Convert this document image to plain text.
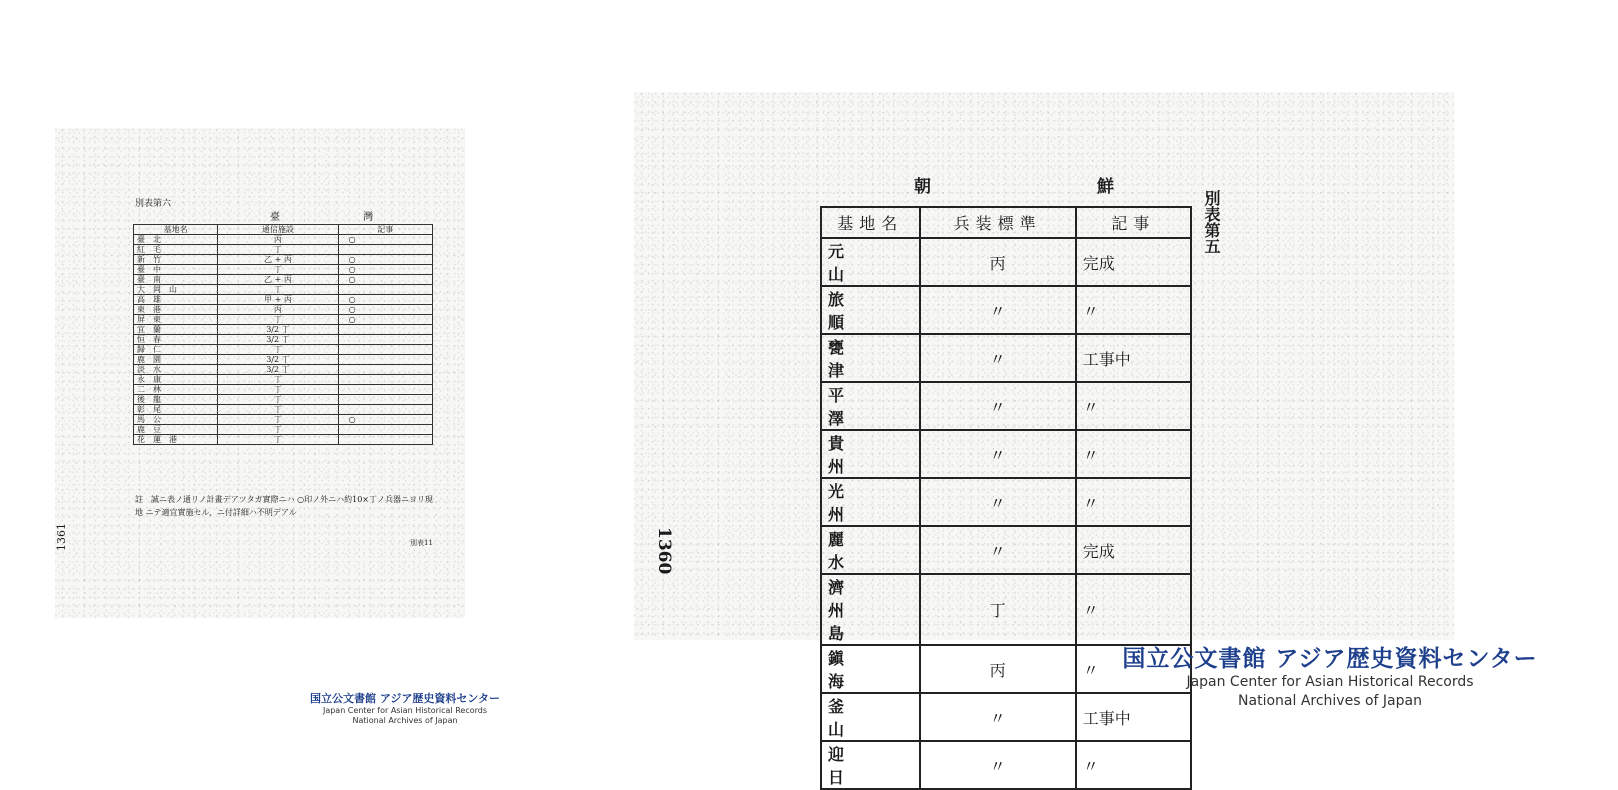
別表第六
臺 灣
基地名	通信施設	記事
臺北	丙	○
紅毛	丁	
新竹	乙 + 丙	○
臺中	丁	○
臺南	乙 + 丙	○
大岡山	丁	
高雄	甲 + 丙	○
東港	丙	○
屏東	丁	○
宜蘭	3/2 丁	
恒春	3/2 丁	
歸仁	丁	
鹿園	3/2 丁	
淡水	3/2 丁	
永康	丁	
二林	丁	
後龍	丁	
彰尾	丁	
馬公	丁	○
鹿豆	丁	
花蓮港	丁	
註　誠ニ表ノ通リノ計畫デアツタガ實際ニハ ○印ノ外ニハ約10×丁ノ兵器ニヨリ現地 ニテ適宜實施セル、ニ付詳細ハ不明デアル
別表11
1361
朝	鮮
別表第五
基地名	兵装標準	記事
元山	丙	完成
旅順	〃	〃
甕津	〃	工事中
平澤	〃	〃
貴州	〃	〃
光州	〃	〃
麗水	〃	完成
濟州島	丁	〃
鎭海	丙	〃
釜山	〃	工事中
迎日	〃	〃
1360
国立公文書館 アジア歴史資料センター
Japan Center for Asian Historical Records
National Archives of Japan
国立公文書館 アジア歴史資料センター
Japan Center for Asian Historical Records
National Archives of Japan
